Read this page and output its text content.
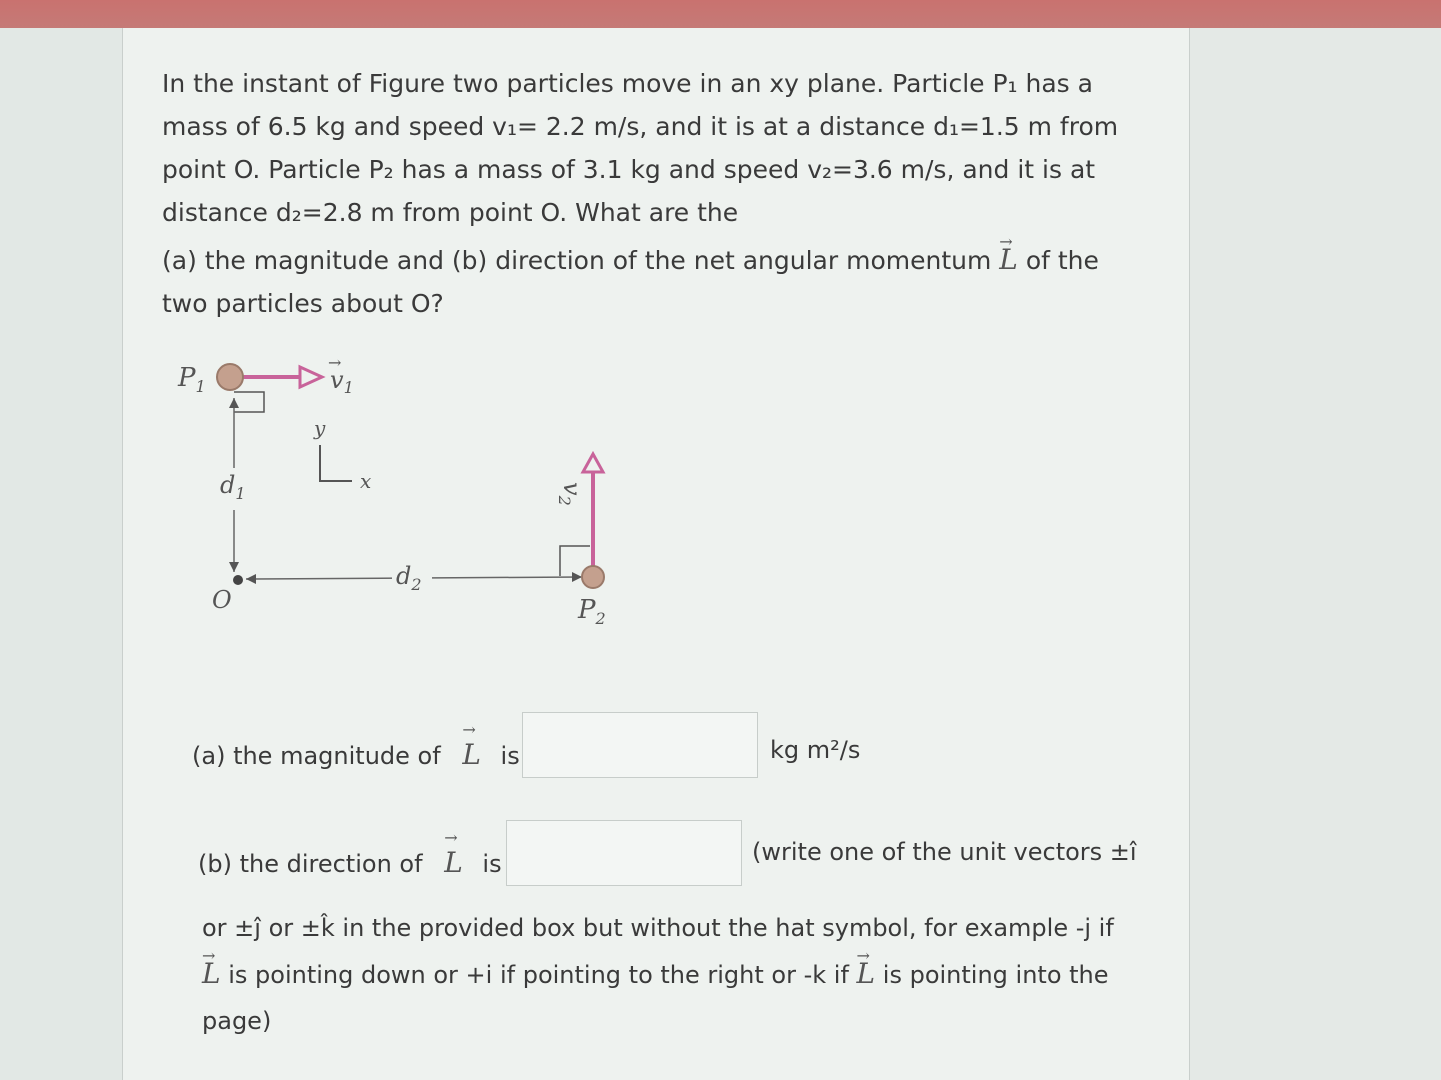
In the instant of Figure two particles move in an xy plane. Particle P₁ has a mass of 6.5 kg and speed v₁= 2.2 m/s, and it is at a distance d₁=1.5 m from point O. Particle P₂ has a mass of 3.1 kg and speed v₂=3.6 m/s, and it is at distance d₂=2.8 m from point O. What are the

(a) the magnitude and (b) direction of the net angular momentum → L of the two particles about O?

$P_1$	$v_1$
→
$d_1$
y
x
O
$d_2$
$v_2$
$P_2$
(a) the magnitude of → L is	kg m²/s
(b) the direction of → L is	(write one of the unit vectors ±î

or ±ĵ or ±k̂ in the provided box but without the hat symbol, for example -j if

→ L is pointing down or +i if pointing to the right or -k if → L is pointing into the

page)
